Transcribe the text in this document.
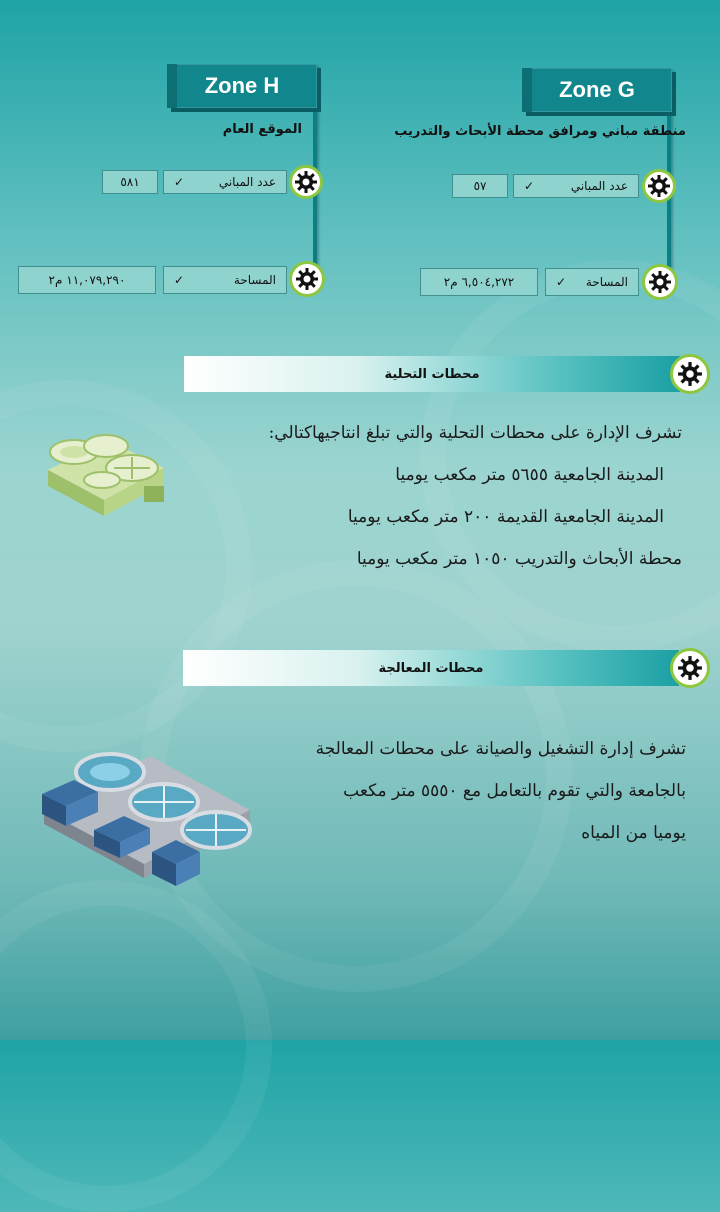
Zone G
منطقة مباني ومرافق محطة الأبحاث والتدريب
٥٧	✓	عدد المباني
٦,٥٠٤,٢٧٢ م٢	✓ المساحة
Zone H
الموقع العام
٥٨١	✓	عدد المباني
١١,٠٧٩,٢٩٠ م٢	✓	المساحة
محطات التحلية
تشرف الإدارة على محطات التحلية والتي تبلغ انتاجيهاكتالي:
المدينة الجامعية ٥٦٥٥ متر مكعب يوميا
المدينة الجامعية القديمة ٢٠٠ متر مكعب يوميا
محطة الأبحاث والتدريب ١٠٥٠ متر مكعب يوميا
محطات المعالجة
تشرف إدارة التشغيل والصيانة على محطات المعالجة
بالجامعة والتي تقوم بالتعامل مع ٥٥٥٠ متر مكعب
يوميا من المياه
